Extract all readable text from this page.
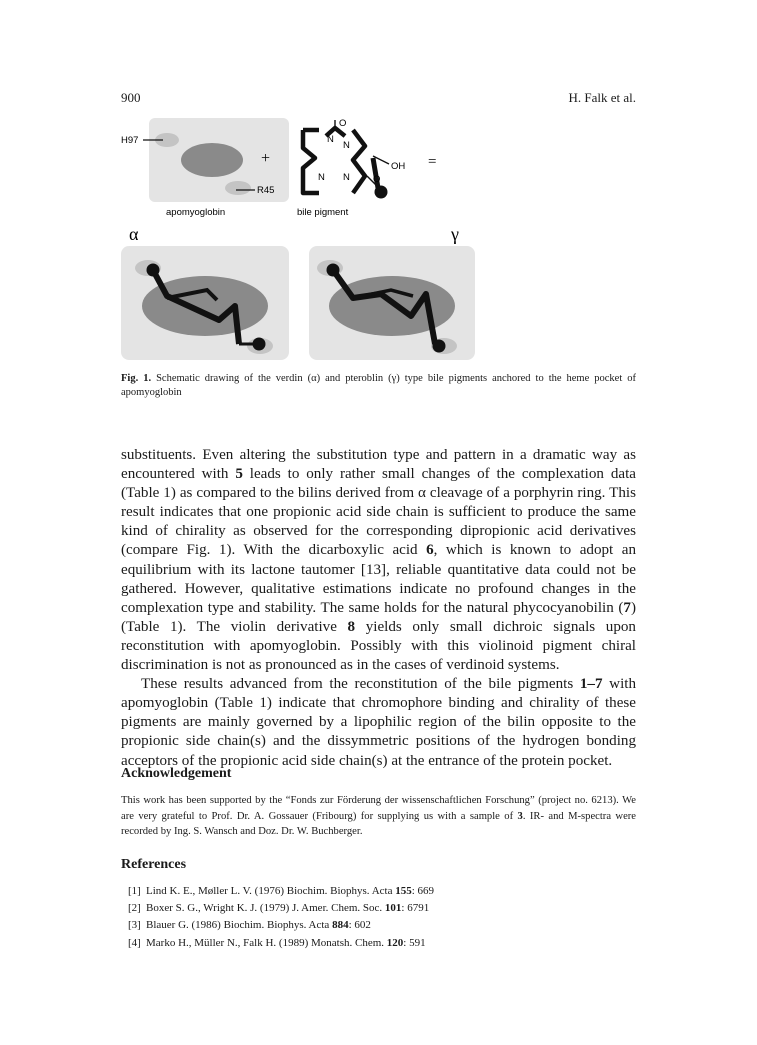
900	H. Falk et al.
H97
R45
apomyoglobin
+
N
N
N N
O
O
OH =
bile pigment
α	γ
Fig. 1. Schematic drawing of the verdin (α) and pteroblin (γ) type bile pigments anchored to the heme pocket of apomyoglobin

substituents. Even altering the substitution type and pattern in a dramatic way as encountered with 5 leads to only rather small changes of the complexation data (Table 1) as compared to the bilins derived from α cleavage of a porphyrin ring. This result indicates that one propionic acid side chain is sufficient to produce the same kind of chirality as observed for the corresponding dipropionic acid derivatives (compare Fig. 1). With the dicarboxylic acid 6, which is known to adopt an equilibrium with its lactone tautomer [13], reliable quantitative data could not be gathered. However, qualitative estimations indicate no profound changes in the complexation type and stability. The same holds for the natural phycocyanobilin (7) (Table 1). The violin derivative 8 yields only small dichroic signals upon reconstitution with apomyoglobin. Possibly with this violinoid pigment chiral discrimination is not as pronounced as in the cases of verdinoid systems.

These results advanced from the reconstitution of the bile pigments 1–7 with apomyoglobin (Table 1) indicate that chromophore binding and chirality of these pigments are mainly governed by a lipophilic region of the bilin opposite to the propionic side chain(s) and the dissymmetric positions of the hydrogen bonding acceptors of the propionic acid side chain(s) at the entrance of the protein pocket.

Acknowledgement
This work has been supported by the “Fonds zur Förderung der wissenschaftlichen Forschung” (project no. 6213). We are very grateful to Prof. Dr. A. Gossauer (Fribourg) for supplying us with a sample of 3. IR- and M-spectra were recorded by Ing. S. Wansch and Doz. Dr. W. Buchberger.
References
[1] Lind K. E., Møller L. V. (1976) Biochim. Biophys. Acta 155: 669
[2] Boxer S. G., Wright K. J. (1979) J. Amer. Chem. Soc. 101: 6791
[3] Blauer G. (1986) Biochim. Biophys. Acta 884: 602
[4] Marko H., Müller N., Falk H. (1989) Monatsh. Chem. 120: 591
